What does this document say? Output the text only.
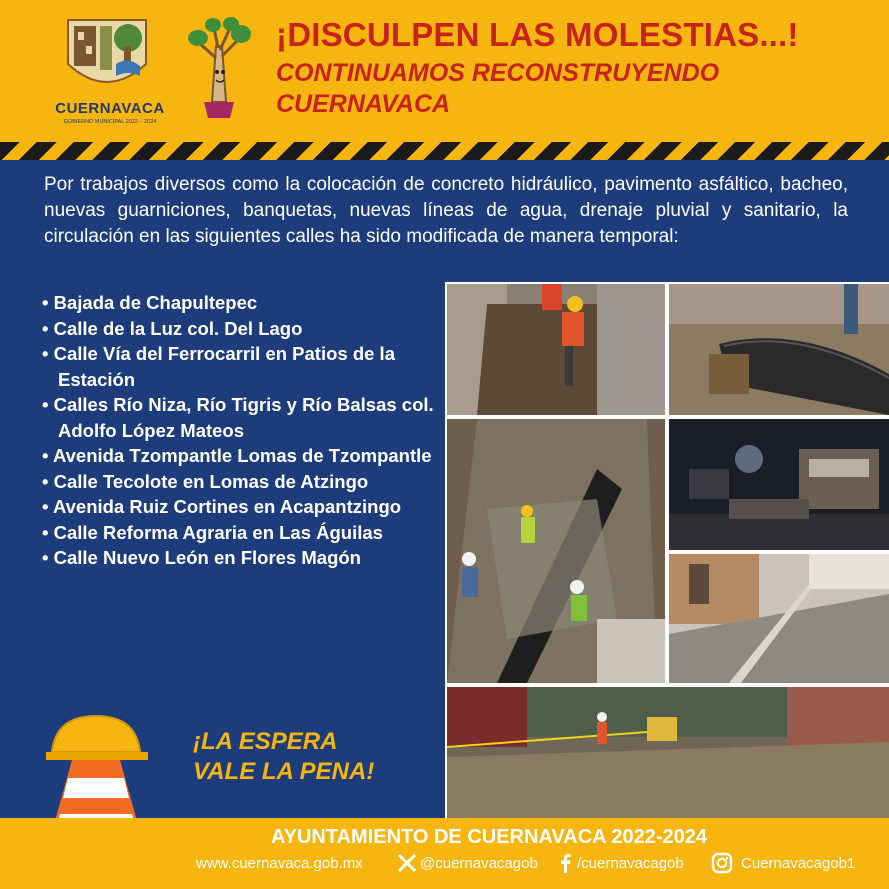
CUERNAVACA
GOBIERNO MUNICIPAL 2022 – 2024
¡DISCULPEN LAS MOLESTIAS...!
CONTINUAMOS RECONSTRUYENDO CUERNAVACA

Por trabajos diversos como la colocación de concreto hidráulico, pavimento asfáltico, bacheo, nuevas guarniciones, banquetas, nuevas líneas de agua, drenaje pluvial y sanitario, la circulación en las siguientes calles ha sido modificada de manera temporal:

• Bajada de Chapultepec
• Calle de la Luz col. Del Lago
• Calle Vía del Ferrocarril en Patios de la Estación
• Calles Río Niza, Río Tigris y Río Balsas col. Adolfo López Mateos
• Avenida Tzompantle Lomas de Tzompantle
• Calle Tecolote en Lomas de Atzingo
• Avenida Ruiz Cortines en Acapantzingo
• Calle Reforma Agraria en Las Águilas
• Calle Nuevo León en Flores Magón

¡LA ESPERA
VALE LA PENA!

AYUNTAMIENTO DE CUERNAVACA 2022-2024
www.cuernavaca.gob.mx	@cuernavacagob	/cuernavacagob	Cuernavacagob1
